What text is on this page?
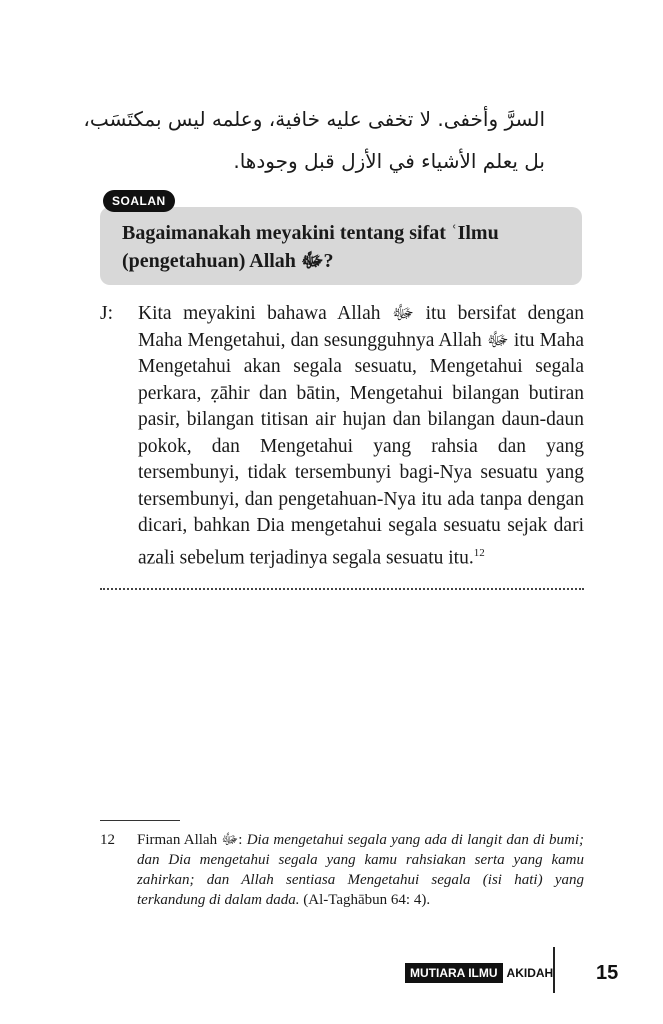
السرَّ وأخفى. لا تخفى عليه خافية، وعلمه ليس بمكتَسَب،
بل يعلم الأشياء في الأزل قبل وجودها.
Bagaimanakah meyakini tentang sifat ʿIlmu (pengetahuan) Allah ﷻ?
SOALAN
J: Kita meyakini bahawa Allah ﷻ itu bersifat dengan Maha Mengetahui, dan sesungguhnya Allah ﷻ itu Maha Mengetahui akan segala sesuatu, Mengetahui segala perkara, ẓāhir dan bātin, Mengetahui bilangan butiran pasir, bilangan titisan air hujan dan bilangan daun-daun pokok, dan Mengetahui yang rahsia dan yang tersembunyi, tidak tersembunyi bagi-Nya sesuatu yang tersembunyi, dan pengetahuan-Nya itu ada tanpa dengan dicari, bahkan Dia mengetahui segala sesuatu sejak dari azali sebelum terjadinya segala sesuatu itu.$^{12}$
12 Firman Allah ﷻ: Dia mengetahui segala yang ada di langit dan di bumi; dan Dia mengetahui segala yang kamu rahsiakan serta yang kamu zahirkan; dan Allah sentiasa Mengetahui segala (isi hati) yang terkandung di dalam dada. (Al-Taghābun 64: 4).
MUTIARA ILMU AKIDAH 15
